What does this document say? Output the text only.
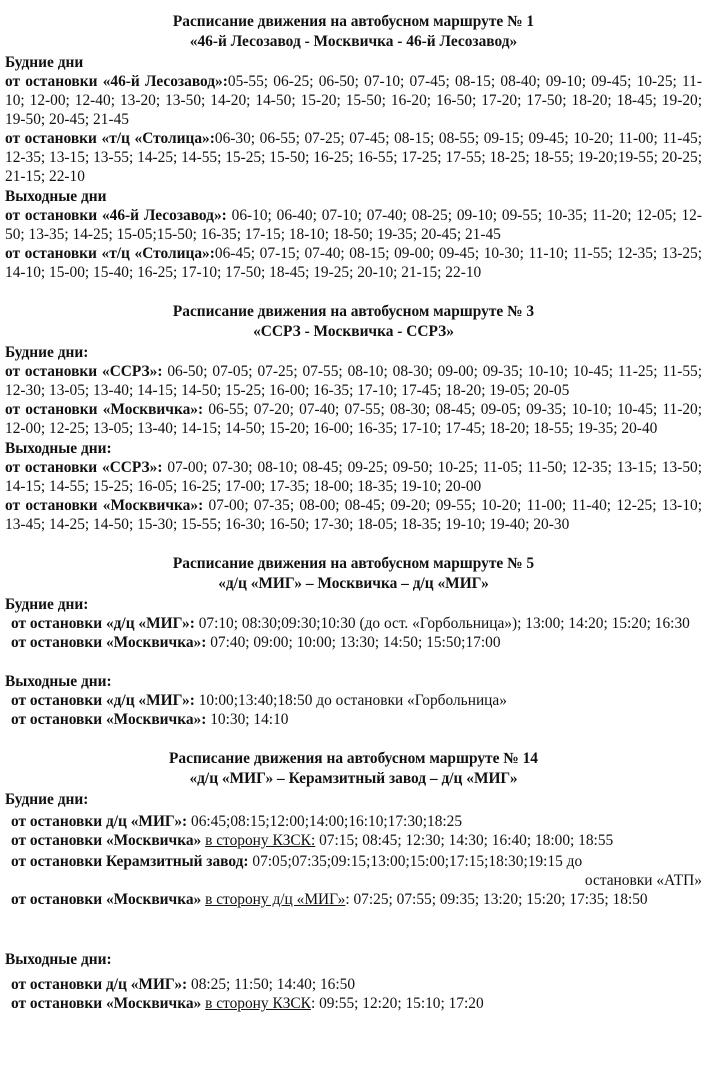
Расписание движения на автобусном маршруте № 1
«46-й Лесозавод - Москвичка - 46-й Лесозавод»
Будние дни
от остановки «46-й Лесозавод»:05-55; 06-25; 06-50; 07-10; 07-45; 08-15; 08-40; 09-10; 09-45; 10-25; 11-10; 12-00; 12-40; 13-20; 13-50; 14-20; 14-50; 15-20; 15-50; 16-20; 16-50; 17-20; 17-50; 18-20; 18-45; 19-20; 19-50; 20-45; 21-45
от остановки «т/ц «Столица»:06-30; 06-55; 07-25; 07-45; 08-15; 08-55; 09-15; 09-45; 10-20; 11-00; 11-45; 12-35; 13-15; 13-55; 14-25; 14-55; 15-25; 15-50; 16-25; 16-55; 17-25; 17-55; 18-25; 18-55; 19-20;19-55; 20-25; 21-15; 22-10
Выходные дни
от остановки «46-й Лесозавод»: 06-10; 06-40; 07-10; 07-40; 08-25; 09-10; 09-55; 10-35; 11-20; 12-05; 12-50; 13-35; 14-25; 15-05;15-50; 16-35; 17-15; 18-10; 18-50; 19-35; 20-45; 21-45
от остановки «т/ц «Столица»:06-45; 07-15; 07-40; 08-15; 09-00; 09-45; 10-30; 11-10; 11-55; 12-35; 13-25; 14-10; 15-00; 15-40; 16-25; 17-10; 17-50; 18-45; 19-25; 20-10; 21-15; 22-10
Расписание движения на автобусном маршруте № 3
«ССРЗ - Москвичка - ССРЗ»
Будние дни:
от остановки «ССРЗ»: 06-50; 07-05; 07-25; 07-55; 08-10; 08-30; 09-00; 09-35; 10-10; 10-45; 11-25; 11-55; 12-30; 13-05; 13-40; 14-15; 14-50; 15-25; 16-00; 16-35; 17-10; 17-45; 18-20; 19-05; 20-05
от остановки «Москвичка»: 06-55; 07-20; 07-40; 07-55; 08-30; 08-45; 09-05; 09-35; 10-10; 10-45; 11-20; 12-00; 12-25; 13-05; 13-40; 14-15; 14-50; 15-20; 16-00; 16-35; 17-10; 17-45; 18-20; 18-55; 19-35; 20-40
Выходные дни:
от остановки «ССРЗ»: 07-00; 07-30; 08-10; 08-45; 09-25; 09-50; 10-25; 11-05; 11-50; 12-35; 13-15; 13-50; 14-15; 14-55; 15-25; 16-05; 16-25; 17-00; 17-35; 18-00; 18-35; 19-10; 20-00
от остановки «Москвичка»: 07-00; 07-35; 08-00; 08-45; 09-20; 09-55; 10-20; 11-00; 11-40; 12-25; 13-10; 13-45; 14-25; 14-50; 15-30; 15-55; 16-30; 16-50; 17-30; 18-05; 18-35; 19-10; 19-40; 20-30
Расписание движения на автобусном маршруте № 5
«д/ц «МИГ» – Москвичка – д/ц «МИГ»
Будние дни:
от остановки «д/ц «МИГ»: 07:10; 08:30;09:30;10:30 (до ост. «Горбольница»); 13:00; 14:20; 15:20; 16:30
от остановки «Москвичка»: 07:40; 09:00; 10:00; 13:30; 14:50; 15:50;17:00
Выходные дни:
от остановки «д/ц «МИГ»: 10:00;13:40;18:50 до остановки «Горбольница»
от остановки «Москвичка»: 10:30; 14:10
Расписание движения на автобусном маршруте № 14
«д/ц «МИГ» – Керамзитный завод – д/ц «МИГ»
Будние дни:
от остановки д/ц «МИГ»: 06:45;08:15;12:00;14:00;16:10;17:30;18:25
от остановки «Москвичка» в сторону КЗСК: 07:15; 08:45; 12:30; 14:30; 16:40; 18:00; 18:55
от остановки Керамзитный завод: 07:05;07:35;09:15;13:00;15:00;17:15;18:30;19:15 до
остановки «АТП»
от остановки «Москвичка» в сторону д/ц «МИГ»: 07:25; 07:55; 09:35; 13:20; 15:20; 17:35; 18:50
Выходные дни:
от остановки д/ц «МИГ»: 08:25; 11:50; 14:40; 16:50
от остановки «Москвичка» в сторону КЗСК: 09:55; 12:20; 15:10; 17:20
